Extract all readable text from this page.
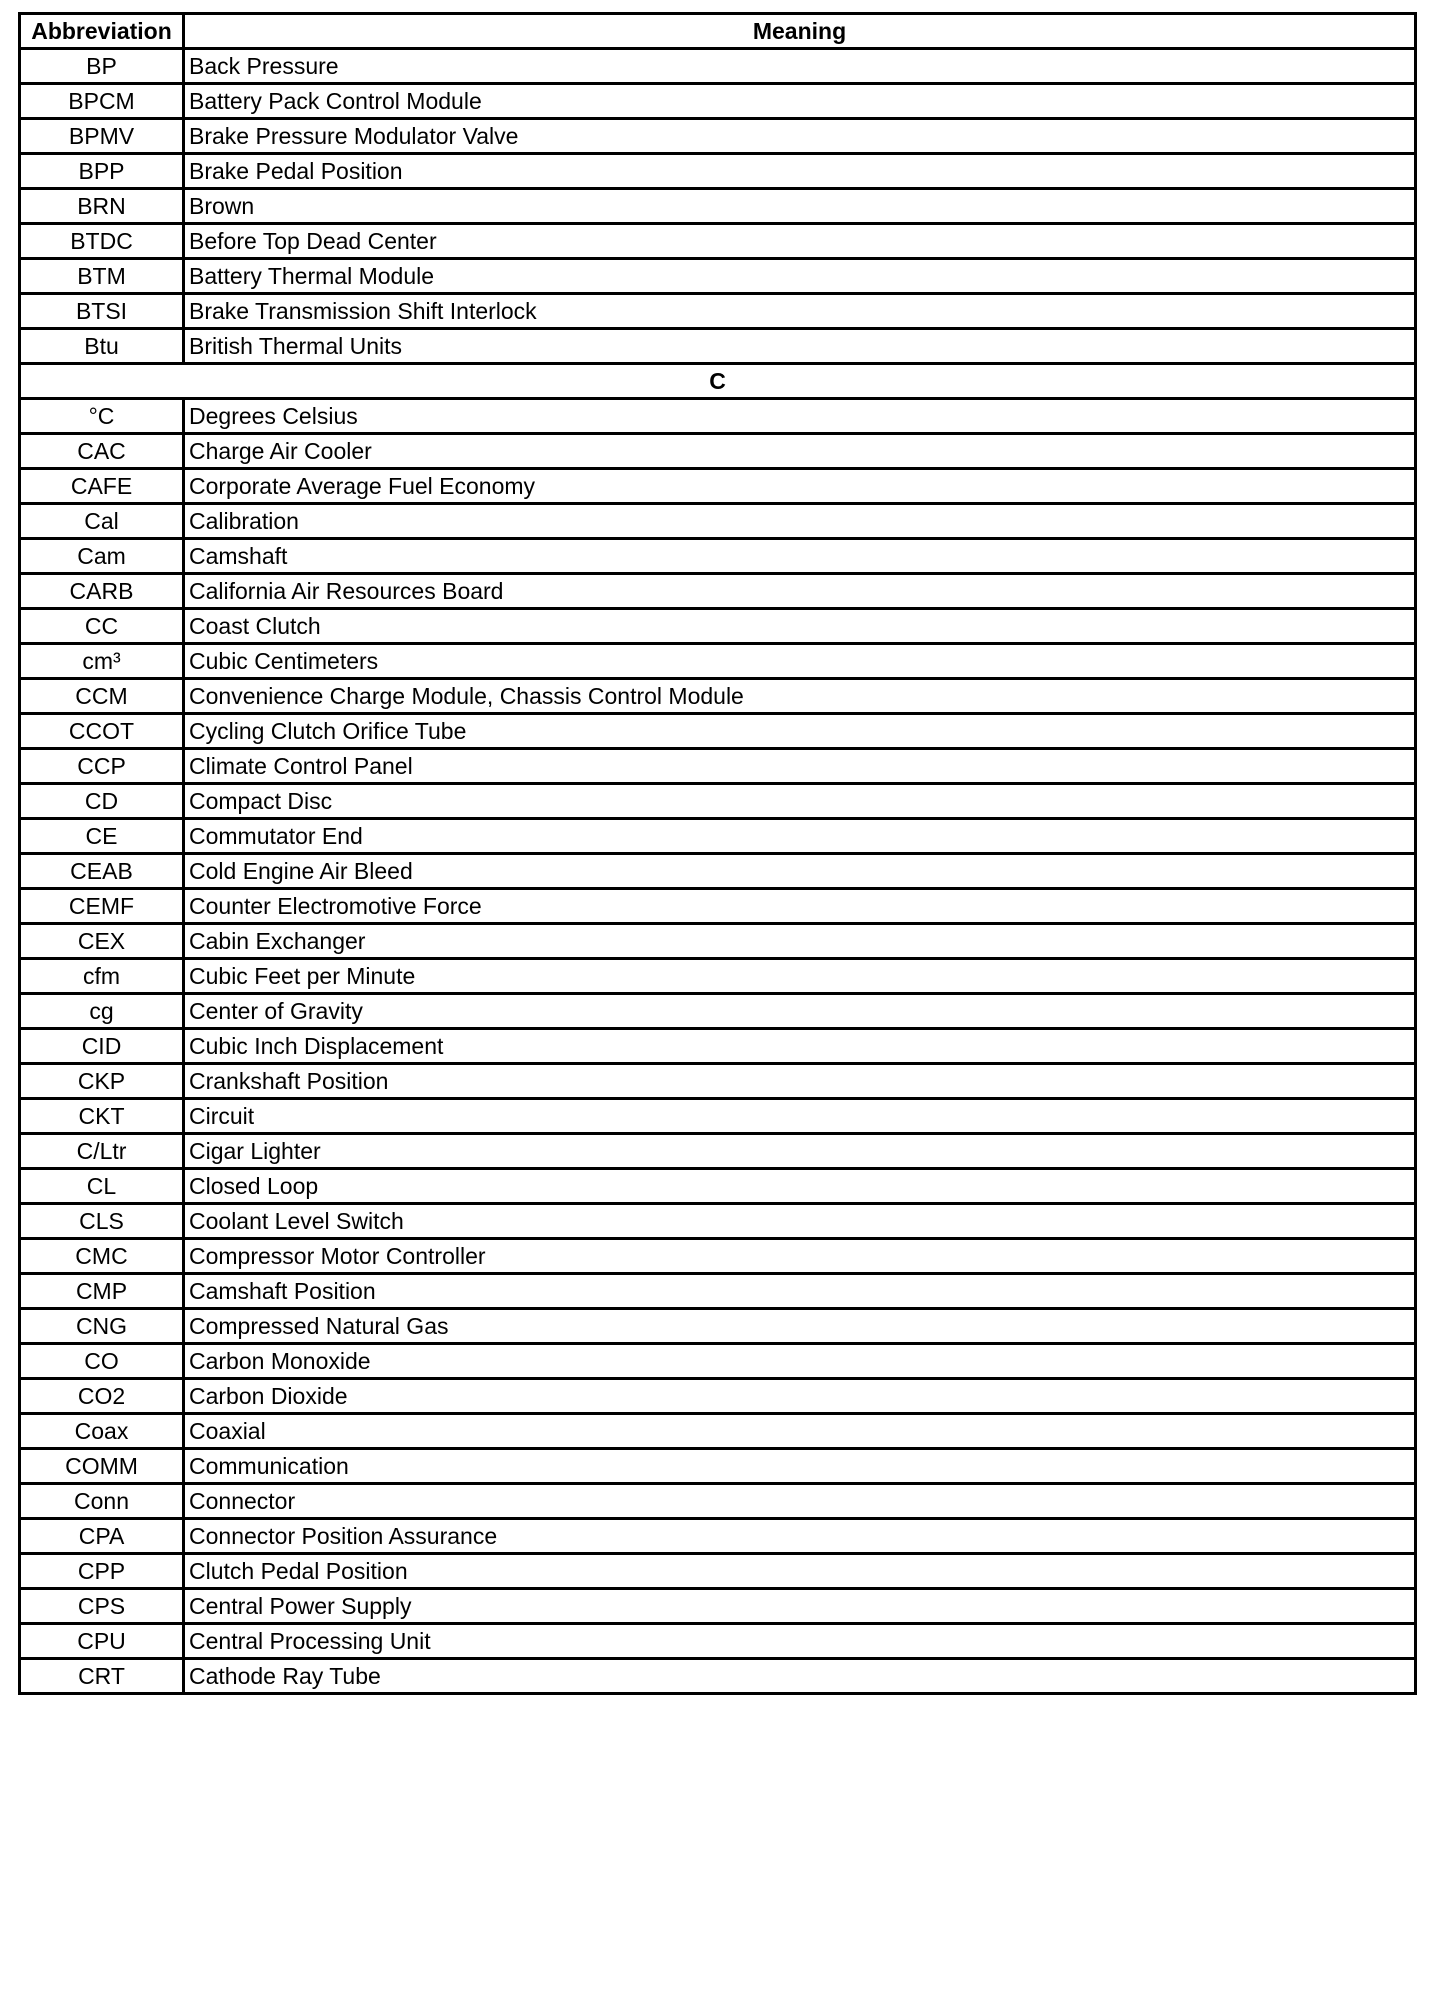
Abbreviation	Meaning
BP	Back Pressure
BPCM	Battery Pack Control Module
BPMV	Brake Pressure Modulator Valve
BPP	Brake Pedal Position
BRN	Brown
BTDC	Before Top Dead Center
BTM	Battery Thermal Module
BTSI	Brake Transmission Shift Interlock
Btu	British Thermal Units
C	
°C	Degrees Celsius
CAC	Charge Air Cooler
CAFE	Corporate Average Fuel Economy
Cal	Calibration
Cam	Camshaft
CARB	California Air Resources Board
CC	Coast Clutch
cm³	Cubic Centimeters
CCM	Convenience Charge Module, Chassis Control Module
CCOT	Cycling Clutch Orifice Tube
CCP	Climate Control Panel
CD	Compact Disc
CE	Commutator End
CEAB	Cold Engine Air Bleed
CEMF	Counter Electromotive Force
CEX	Cabin Exchanger
cfm	Cubic Feet per Minute
cg	Center of Gravity
CID	Cubic Inch Displacement
CKP	Crankshaft Position
CKT	Circuit
C/Ltr	Cigar Lighter
CL	Closed Loop
CLS	Coolant Level Switch
CMC	Compressor Motor Controller
CMP	Camshaft Position
CNG	Compressed Natural Gas
CO	Carbon Monoxide
CO2	Carbon Dioxide
Coax	Coaxial
COMM	Communication
Conn	Connector
CPA	Connector Position Assurance
CPP	Clutch Pedal Position
CPS	Central Power Supply
CPU	Central Processing Unit
CRT	Cathode Ray Tube
